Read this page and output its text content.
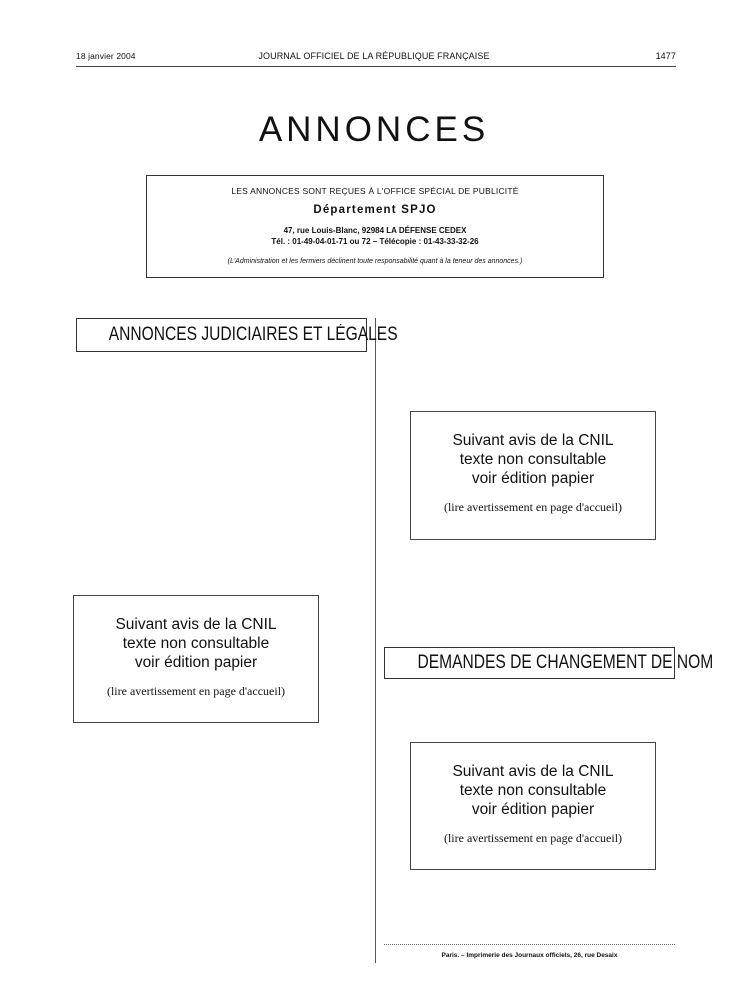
18 janvier 2004	JOURNAL OFFICIEL DE LA RÉPUBLIQUE FRANÇAISE	1477
ANNONCES
LES ANNONCES SONT REÇUES À L'OFFICE SPÉCIAL DE PUBLICITÉ
Département SPJO
47, rue Louis-Blanc, 92984 LA DÉFENSE CEDEX
Tél. : 01-49-04-01-71 ou 72 – Télécopie : 01-43-33-32-26
(L'Administration et les fermiers déclinent toute responsabilité quant à la teneur des annonces.)
ANNONCES JUDICIAIRES ET LÉGALES
Suivant avis de la CNIL
texte non consultable
voir édition papier
(lire avertissement en page d'accueil)
Suivant avis de la CNIL
texte non consultable
voir édition papier
(lire avertissement en page d'accueil)
DEMANDES DE CHANGEMENT DE NOM
Suivant avis de la CNIL
texte non consultable
voir édition papier
(lire avertissement en page d'accueil)
Paris. – Imprimerie des Journaux officiels, 26, rue Desaix
